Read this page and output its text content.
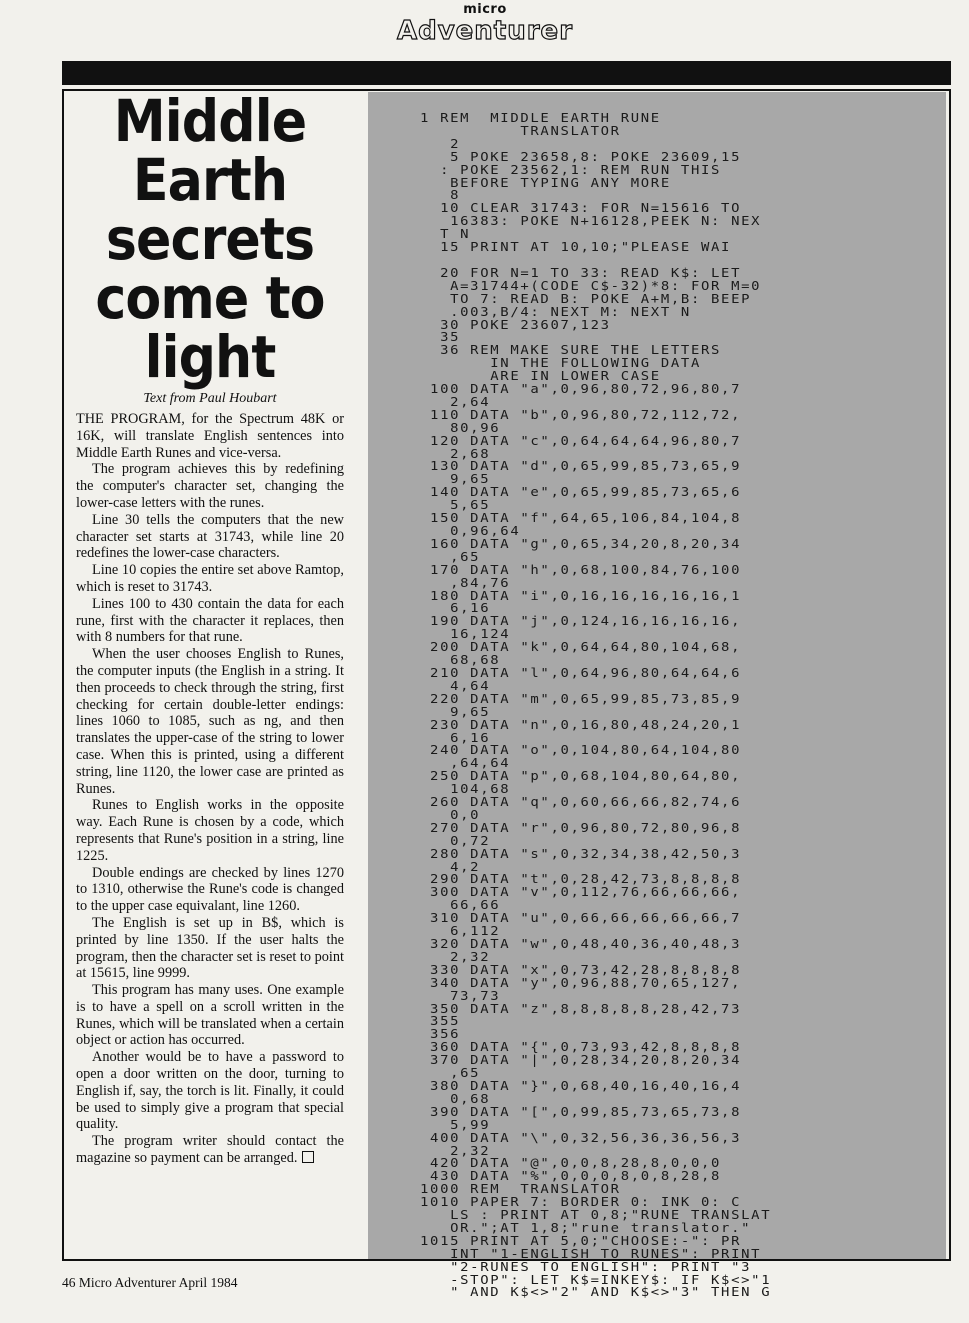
micro
Adventurer
Middle
Earth
secrets
come to
light
Text from Paul Houbart

THE PROGRAM, for the Spectrum 48K or 16K, will translate English sentences into Middle Earth Runes and vice-versa.

The program achieves this by redefining the computer's character set, changing the lower-case letters with the runes.

Line 30 tells the computers that the new character set starts at 31743, while line 20 redefines the lower-case characters.

Line 10 copies the entire set above Ramtop, which is reset to 31743.

Lines 100 to 430 contain the data for each rune, first with the character it replaces, then with 8 numbers for that rune.

When the user chooses English to Runes, the computer inputs (the English in a string. It then proceeds to check through the string, first checking for certain double-letter endings: lines 1060 to 1085, such as ng, and then translates the upper-case of the string to lower case. When this is printed, using a different string, line 1120, the lower case are printed as Runes.

Runes to English works in the opposite way. Each Rune is chosen by a code, which represents that Rune's position in a string, line 1225.

Double endings are checked by lines 1270 to 1310, otherwise the Rune's code is changed to the upper case equivalant, line 1260.

The English is set up in B$, which is printed by line 1350. If the user halts the program, then the character set is reset to point at 15615, line 9999.

This program has many uses. One example is to have a spell on a scroll written in the Runes, which will be translated when a certain object or action has occurred.

Another would be to have a password to open a door written on the door, turning to English if, say, the torch is lit. Finally, it could be used to simply give a program that special quality.

The program writer should contact the magazine so payment can be arranged.

1 REM  MIDDLE EARTH RUNE
TRANSLATOR
2
5 POKE 23658,8: POKE 23609,15
: POKE 23562,1: REM RUN THIS
BEFORE TYPING ANY MORE
8
10 CLEAR 31743: FOR N=15616 TO
16383: POKE N+16128,PEEK N: NEX
T N
15 PRINT AT 10,10;"PLEASE WAI

20 FOR N=1 TO 33: READ K$: LET
A=31744+(CODE C$-32)*8: FOR M=0
TO 7: READ B: POKE A+M,B: BEEP
.003,B/4: NEXT M: NEXT N
30 POKE 23607,123
35
36 REM MAKE SURE THE LETTERS
IN THE FOLLOWING DATA
ARE IN LOWER CASE
100 DATA "a",0,96,80,72,96,80,7
2,64
110 DATA "b",0,96,80,72,112,72,
80,96
120 DATA "c",0,64,64,64,96,80,7
2,68
130 DATA "d",0,65,99,85,73,65,9
9,65
140 DATA "e",0,65,99,85,73,65,6
5,65
150 DATA "f",64,65,106,84,104,8
0,96,64
160 DATA "g",0,65,34,20,8,20,34
,65
170 DATA "h",0,68,100,84,76,100
,84,76
180 DATA "i",0,16,16,16,16,16,1
6,16
190 DATA "j",0,124,16,16,16,16,
16,124
200 DATA "k",0,64,64,80,104,68,
68,68
210 DATA "l",0,64,96,80,64,64,6
4,64
220 DATA "m",0,65,99,85,73,85,9
9,65
230 DATA "n",0,16,80,48,24,20,1
6,16
240 DATA "o",0,104,80,64,104,80
,64,64
250 DATA "p",0,68,104,80,64,80,
104,68
260 DATA "q",0,60,66,66,82,74,6
0,0
270 DATA "r",0,96,80,72,80,96,8
0,72
280 DATA "s",0,32,34,38,42,50,3
4,2
290 DATA "t",0,28,42,73,8,8,8,8
300 DATA "v",0,112,76,66,66,66,
66,66
310 DATA "u",0,66,66,66,66,66,7
6,112
320 DATA "w",0,48,40,36,40,48,3
2,32
330 DATA "x",0,73,42,28,8,8,8,8
340 DATA "y",0,96,88,70,65,127,
73,73
350 DATA "z",8,8,8,8,8,28,42,73
355
356
360 DATA "{",0,73,93,42,8,8,8,8
370 DATA "|",0,28,34,20,8,20,34
,65
380 DATA "}",0,68,40,16,40,16,4
0,68
390 DATA "[",0,99,85,73,65,73,8
5,99
400 DATA "\",0,32,56,36,36,56,3
2,32
420 DATA "@",0,0,8,28,8,0,0,0
430 DATA "%",0,0,0,8,0,8,28,8
1000 REM  TRANSLATOR
1010 PAPER 7: BORDER 0: INK 0: C
LS : PRINT AT 0,8;"RUNE TRANSLAT
OR.";AT 1,8;"rune translator."
1015 PRINT AT 5,0;"CHOOSE:-": PR
INT "1-ENGLISH TO RUNES": PRINT
"2-RUNES TO ENGLISH": PRINT "3
-STOP": LET K$=INKEY$: IF K$<>"1
" AND K$<>"2" AND K$<>"3" THEN G
46 Micro Adventurer April 1984
